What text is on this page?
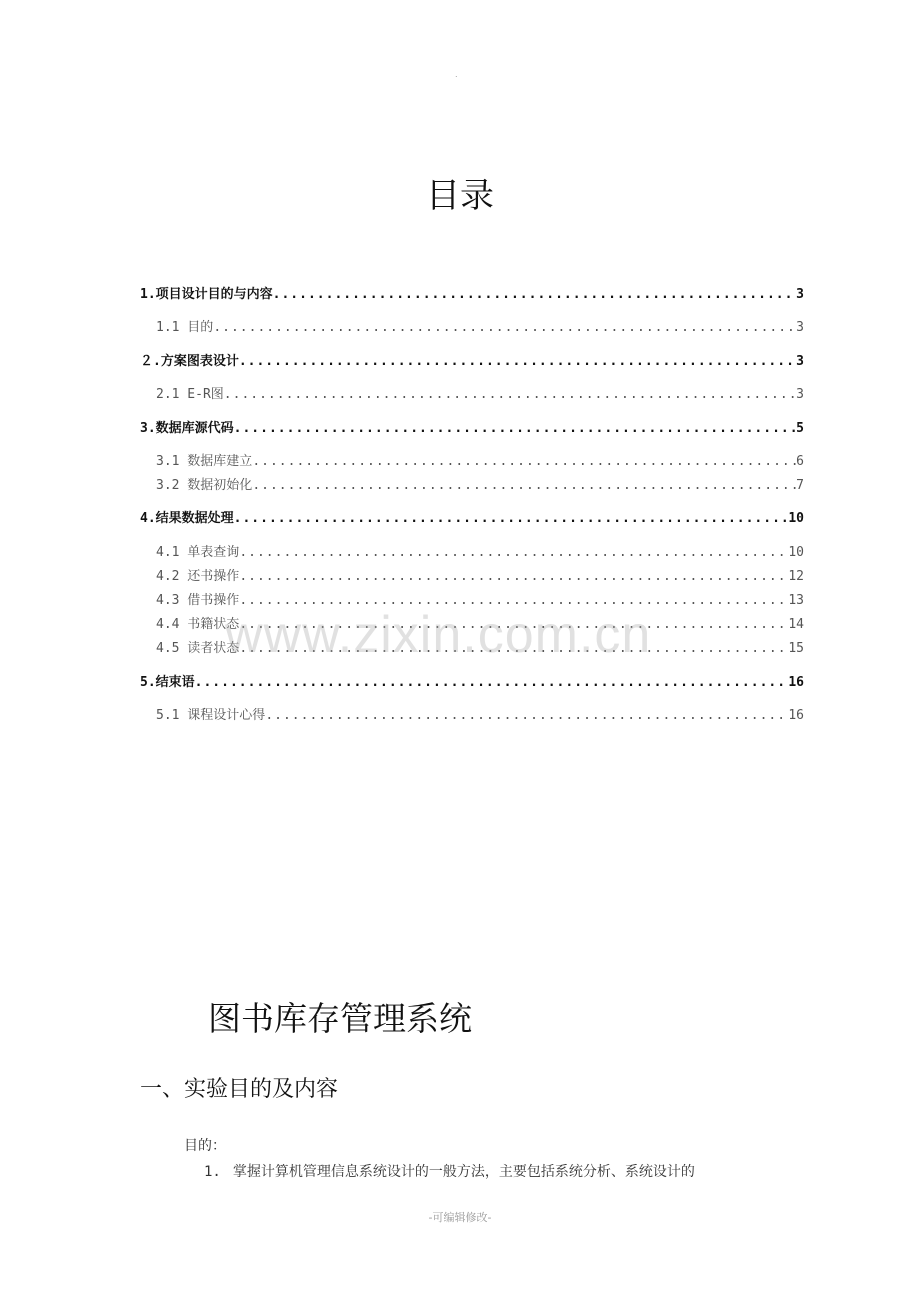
.
目录
1.项目设计目的与内容 .....	3
1.1 目的 .....	3
２.方案图表设计 .....	3
2.1 E-R图 .....	3
3.数据库源代码 .....	5
3.1 数据库建立 .....	6
3.2 数据初始化 .....	7
4.结果数据处理 .....	10
4.1 单表查询 .....	10
4.2 还书操作 .....	12
4.3 借书操作 .....	13
4.4 书籍状态 .....	14
4.5 读者状态 .....	15
5.结束语 .....	16
5.1 课程设计心得 .....	16
www.zixin.com.cn
图书库存管理系统
一、实验目的及内容
目的：
1. 掌握计算机管理信息系统设计的一般方法，主要包括系统分析、系统设计的
-可编辑修改-
